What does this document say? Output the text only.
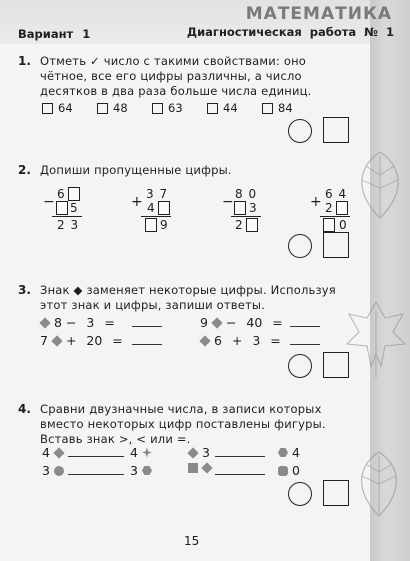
МАТЕМАТИКА
Диагностическая работа № 1
Вариант 1
1. Отметь ✓ число с такими свойствами: оно
чётное, все его цифры различны, а число
десятков в два раза больше числа единиц.
64	48	63	44	84
2. Допиши пропущенные цифры.
− 6
5
2 3
+ 3 7
4
9
− 8 0
3
2
+ 6 4
2
0
3. Знак ◆ заменяет некоторые цифры. Используя
этот знак и цифры, запиши ответы.
8 − 3 =	9 − 40 =
7 + 20 =	6 + 3 =
4. Сравни двузначные числа, в записи которых
вместо некоторых цифр поставлены фигуры.
Вставь знак >, < или =.
4	4	3	4
3	3	0
15
